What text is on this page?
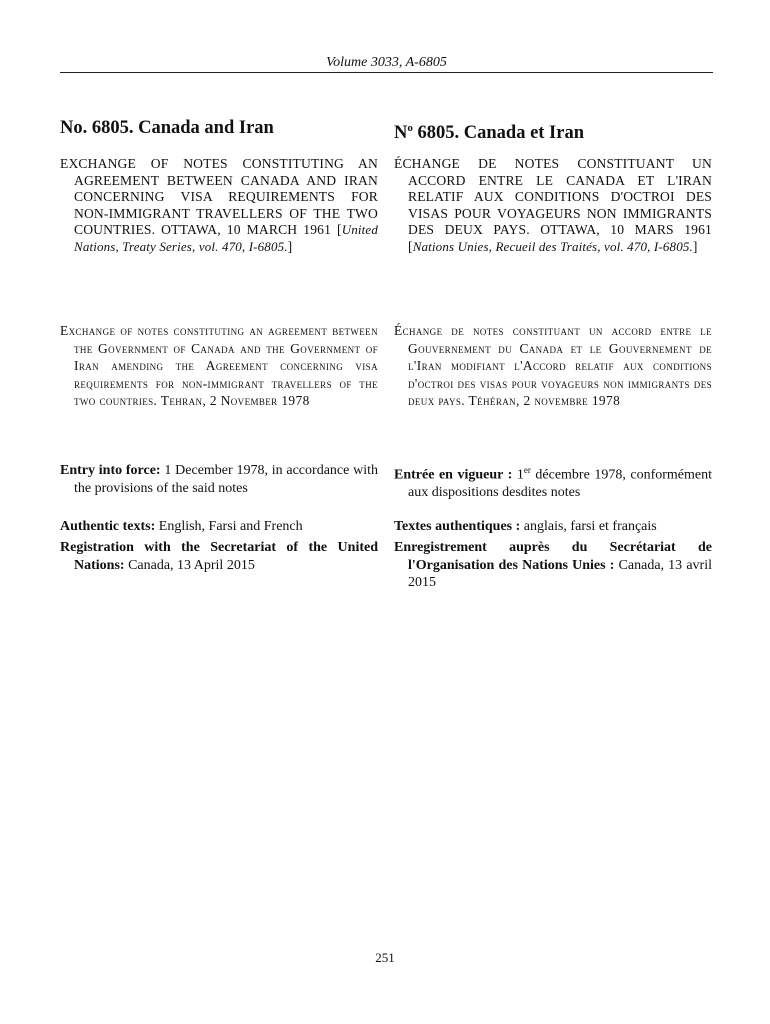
Volume 3033, A-6805
No. 6805. Canada and Iran

EXCHANGE OF NOTES CONSTITUTING AN AGREEMENT BETWEEN CANADA AND IRAN CONCERNING VISA REQUIREMENTS FOR NON-IMMIGRANT TRAVELLERS OF THE TWO COUNTRIES. OTTAWA, 10 MARCH 1961 [United Nations, Treaty Series, vol. 470, I-6805.]

Exchange of notes constituting an agreement between the Government of Canada and the Government of Iran amending the Agreement concerning visa requirements for non-immigrant travellers of the two countries. Tehran, 2 November 1978

Entry into force: 1 December 1978, in accordance with the provisions of the said notes

Authentic texts: English, Farsi and French

Registration with the Secretariat of the United Nations: Canada, 13 April 2015

$N^o$ 6805. Canada et Iran

ÉCHANGE DE NOTES CONSTITUANT UN ACCORD ENTRE LE CANADA ET L'IRAN RELATIF AUX CONDITIONS D'OCTROI DES VISAS POUR VOYAGEURS NON IMMIGRANTS DES DEUX PAYS. OTTAWA, 10 MARS 1961 [Nations Unies, Recueil des Traités, vol. 470, I-6805.]

Échange de notes constituant un accord entre le Gouvernement du Canada et le Gouvernement de l'Iran modifiant l'Accord relatif aux conditions d'octroi des visas pour voyageurs non immigrants des deux pays. Téhéran, 2 novembre 1978

Entrée en vigueur : 1er décembre 1978, conformément aux dispositions desdites notes

Textes authentiques : anglais, farsi et français

Enregistrement auprès du Secrétariat de l'Organisation des Nations Unies : Canada, 13 avril 2015

251
